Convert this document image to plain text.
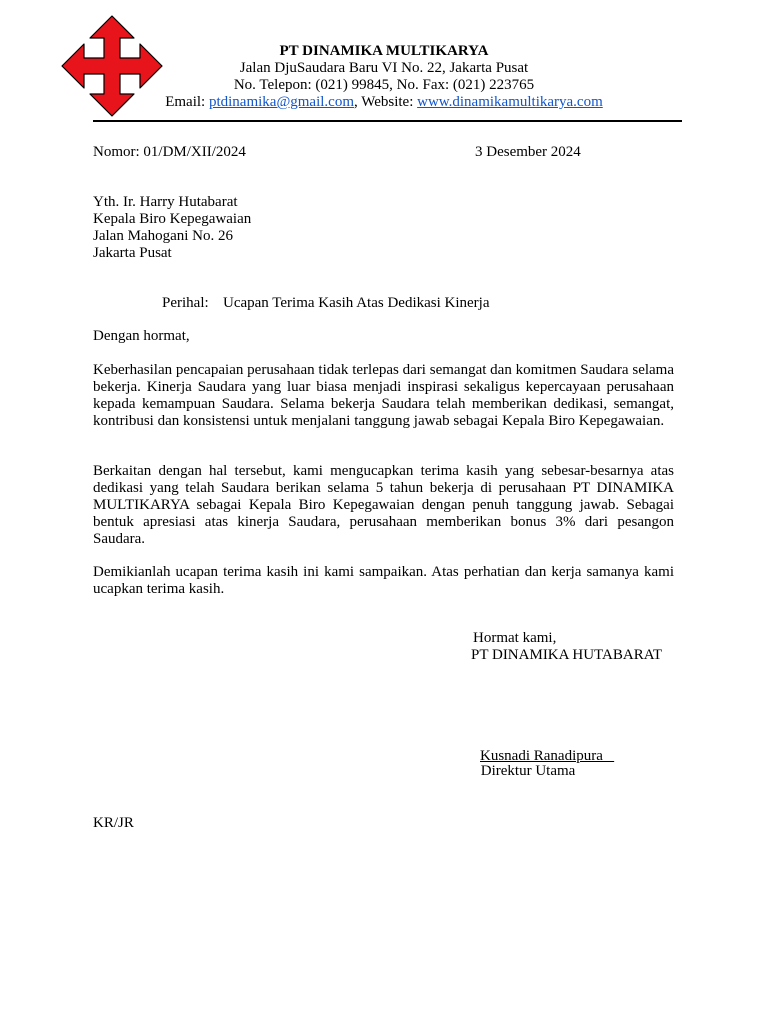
PT DINAMIKA MULTIKARYA
Jalan DjuSaudara Baru VI No. 22, Jakarta Pusat
No. Telepon: (021) 99845, No. Fax: (021) 223765
Email: ptdinamika@gmail.com, Website: www.dinamikamultikarya.com
Nomor: 01/DM/XII/2024	3 Desember 2024
Yth. Ir. Harry Hutabarat
Kepala Biro Kepegawaian
Jalan Mahogani No. 26
Jakarta Pusat
Perihal: Ucapan Terima Kasih Atas Dedikasi Kinerja
Dengan hormat,
Keberhasilan pencapaian perusahaan tidak terlepas dari semangat dan komitmen Saudara selama bekerja. Kinerja Saudara yang luar biasa menjadi inspirasi sekaligus kepercayaan perusahaan kepada kemampuan Saudara. Selama bekerja Saudara telah memberikan dedikasi, semangat, kontribusi dan konsistensi untuk menjalani tanggung jawab sebagai Kepala Biro Kepegawaian.
Berkaitan dengan hal tersebut, kami mengucapkan terima kasih yang sebesar-besarnya atas dedikasi yang telah Saudara berikan selama 5 tahun bekerja di perusahaan PT DINAMIKA MULTIKARYA sebagai Kepala Biro Kepegawaian dengan penuh tanggung jawab. Sebagai bentuk apresiasi atas kinerja Saudara, perusahaan memberikan bonus 3% dari pesangon Saudara.
Demikianlah ucapan terima kasih ini kami sampaikan. Atas perhatian dan kerja samanya kami ucapkan terima kasih.
Hormat kami,
PT DINAMIKA HUTABARAT
Kusnadi Ranadipura
Direktur Utama
KR/JR
